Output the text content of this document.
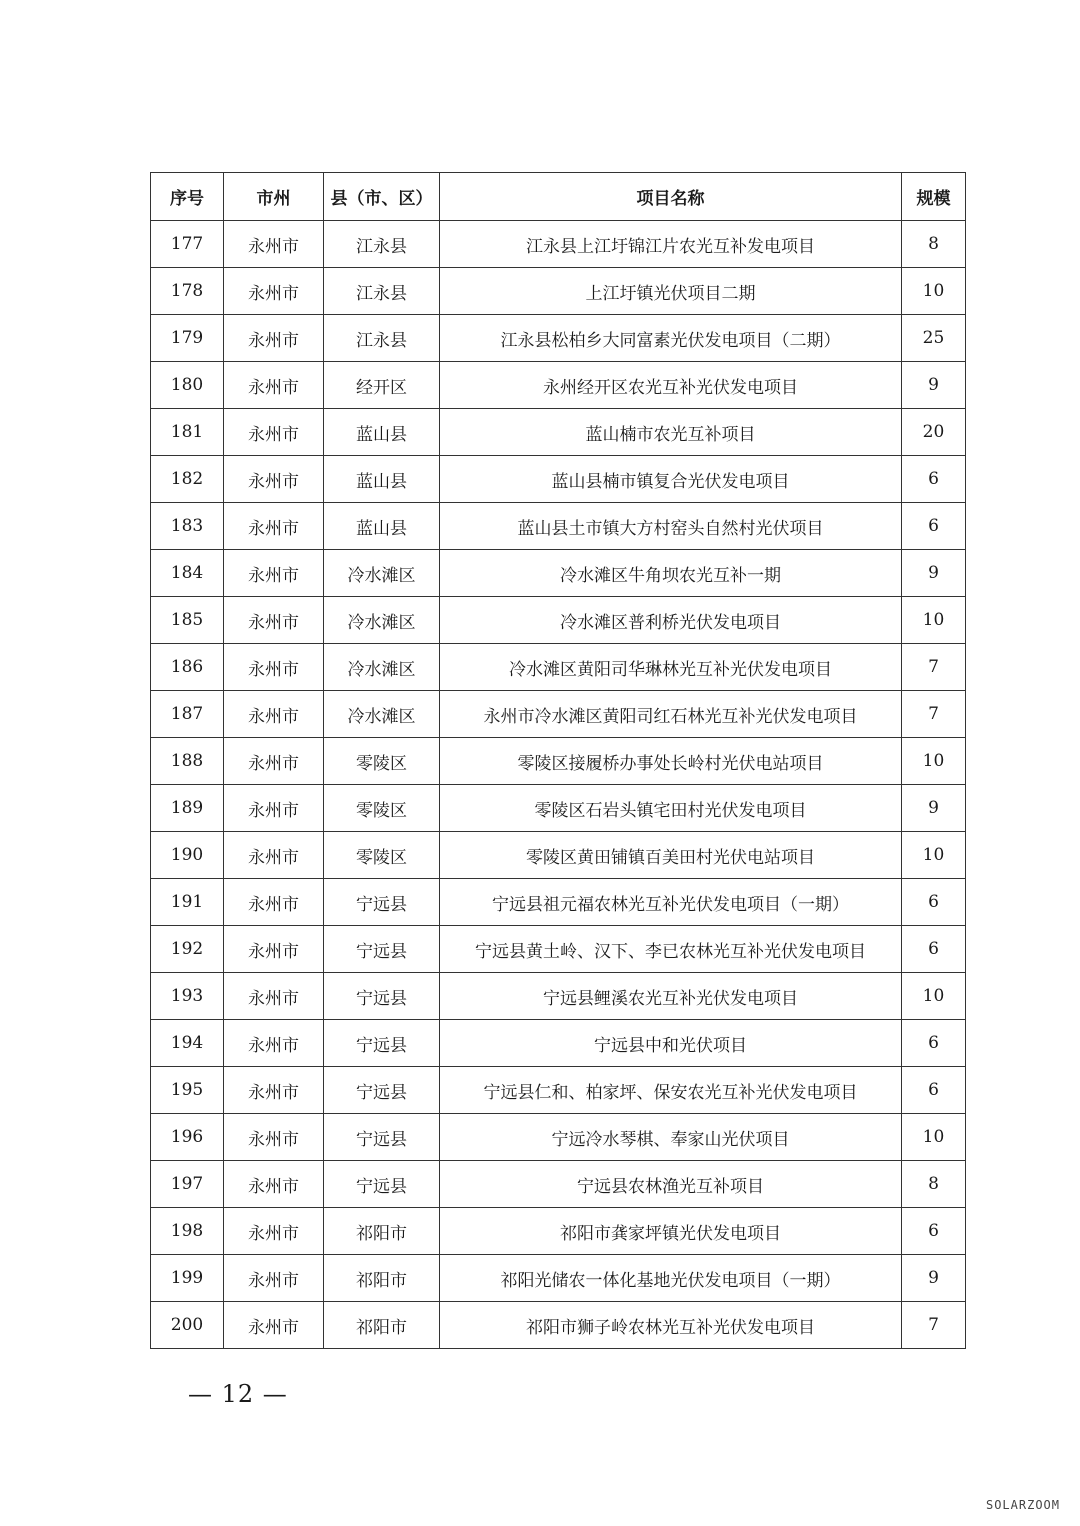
序号	市州	县（市、区）	项目名称	规模
177	永州市	江永县	江永县上江圩锦江片农光互补发电项目	8
178	永州市	江永县	上江圩镇光伏项目二期	10
179	永州市	江永县	江永县松柏乡大同富素光伏发电项目（二期）	25
180	永州市	经开区	永州经开区农光互补光伏发电项目	9
181	永州市	蓝山县	蓝山楠市农光互补项目	20
182	永州市	蓝山县	蓝山县楠市镇复合光伏发电项目	6
183	永州市	蓝山县	蓝山县土市镇大方村窑头自然村光伏项目	6
184	永州市	冷水滩区	冷水滩区牛角坝农光互补一期	9
185	永州市	冷水滩区	冷水滩区普利桥光伏发电项目	10
186	永州市	冷水滩区	冷水滩区黄阳司华琳林光互补光伏发电项目	7
187	永州市	冷水滩区	永州市冷水滩区黄阳司红石林光互补光伏发电项目	7
188	永州市	零陵区	零陵区接履桥办事处长岭村光伏电站项目	10
189	永州市	零陵区	零陵区石岩头镇宅田村光伏发电项目	9
190	永州市	零陵区	零陵区黄田铺镇百美田村光伏电站项目	10
191	永州市	宁远县	宁远县祖元福农林光互补光伏发电项目（一期）	6
192	永州市	宁远县	宁远县黄土岭、汉下、李已农林光互补光伏发电项目	6
193	永州市	宁远县	宁远县鲤溪农光互补光伏发电项目	10
194	永州市	宁远县	宁远县中和光伏项目	6
195	永州市	宁远县	宁远县仁和、柏家坪、保安农光互补光伏发电项目	6
196	永州市	宁远县	宁远冷水琴棋、奉家山光伏项目	10
197	永州市	宁远县	宁远县农林渔光互补项目	8
198	永州市	祁阳市	祁阳市龚家坪镇光伏发电项目	6
199	永州市	祁阳市	祁阳光储农一体化基地光伏发电项目（一期）	9
200	永州市	祁阳市	祁阳市狮子岭农林光互补光伏发电项目	7
— 12 —
SOLARZOOM
